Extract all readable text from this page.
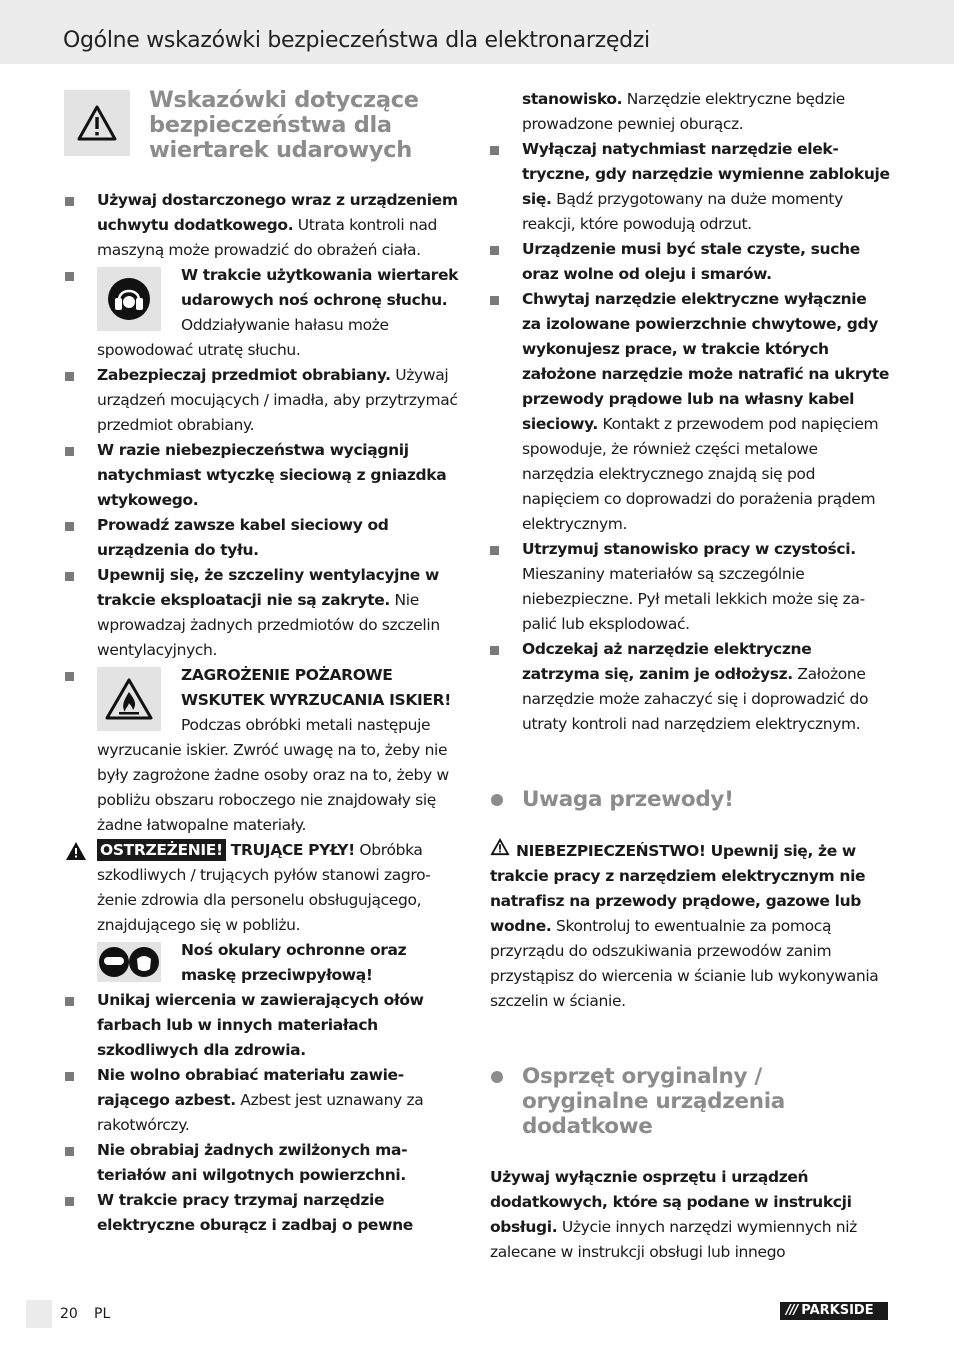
Ogólne wskazówki bezpieczeństwa dla elektronarzędzi
Wskazówki dotyczące bezpieczeństwa dla wiertarek udarowych

Używaj dostarczonego wraz z urządzeniem uchwytu dodatkowego. Utrata kontroli nad maszyną może prowadzić do obrażeń ciała.

W trakcie użytkowania wiertarek udarowych noś ochronę słuchu. Oddziaływanie hałasu może spowodować utratę słuchu.

Zabezpieczaj przedmiot obrabiany. Używaj urządzeń mocujących / imadła, aby przytrzymać przedmiot obrabiany.

W razie niebezpieczeństwa wyciągnij natychmiast wtyczkę sieciową z gniazdka wtykowego.

Prowadź zawsze kabel sieciowy od urządzenia do tyłu.

Upewnij się, że szczeliny wentylacyjne w trakcie eksploatacji nie są zakryte. Nie wprowadzaj żadnych przedmiotów do szczelin wentylacyjnych.

ZAGROŻENIE POŻAROWE WSKUTEK WYRZUCANIA ISKIER! Podczas obróbki metali następuje wyrzucanie iskier. Zwróć uwagę na to, żeby nie były zagrożone żadne osoby oraz na to, żeby w pobliżu obszaru roboczego nie znajdowały się żadne łatwopalne materiały.

OSTRZEŻENIE! TRUJĄCE PYŁY! Obróbka szkodliwych / trujących pyłów stanowi zagrożenie zdrowia dla personelu obsługującego, znajdującego się w pobliżu.

Noś okulary ochronne oraz maskę przeciwpyłową!

Unikaj wiercenia w zawierających ołów farbach lub w innych materiałach szkodliwych dla zdrowia.

Nie wolno obrabiać materiału zawierającego azbest. Azbest jest uznawany za rakotwórczy.

Nie obrabiaj żadnych zwilżonych materiałów ani wilgotnych powierzchni.

W trakcie pracy trzymaj narzędzie elektryczne oburącz i zadbaj o pewne

stanowisko. Narzędzie elektryczne będzie prowadzone pewniej oburącz.

Wyłączaj natychmiast narzędzie elektryczne, gdy narzędzie wymienne zablokuje się. Bądź przygotowany na duże momenty reakcji, które powodują odrzut.

Urządzenie musi być stale czyste, suche oraz wolne od oleju i smarów.

Chwytaj narzędzie elektryczne wyłącznie za izolowane powierzchnie chwytowe, gdy wykonujesz prace, w trakcie których założone narzędzie może natrafić na ukryte przewody prądowe lub na własny kabel sieciowy. Kontakt z przewodem pod napięciem spowoduje, że również części metalowe narzędzia elektrycznego znajdą się pod napięciem co doprowadzi do porażenia prądem elektrycznym.

Utrzymuj stanowisko pracy w czystości. Mieszaniny materiałów są szczególnie niebezpieczne. Pył metali lekkich może się zapalić lub eksplodować.

Odczekaj aż narzędzie elektryczne zatrzyma się, zanim je odłożysz. Założone narzędzie może zahaczyć się i doprowadzić do utraty kontroli nad narzędziem elektrycznym.

Uwaga przewody!

NIEBEZPIECZEŃSTWO! Upewnij się, że w trakcie pracy z narzędziem elektrycznym nie natrafisz na przewody prądowe, gazowe lub wodne. Skontroluj to ewentualnie za pomocą przyrządu do odszukiwania przewodów zanim przystąpisz do wiercenia w ścianie lub wykonywania szczelin w ścianie.

Osprzęt oryginalny / oryginalne urządzenia dodatkowe

Używaj wyłącznie osprzętu i urządzeń dodatkowych, które są podane w instrukcji obsługi. Użycie innych narzędzi wymiennych niż zalecane w instrukcji obsługi lub innego

20 PL	/// PARKSIDE
